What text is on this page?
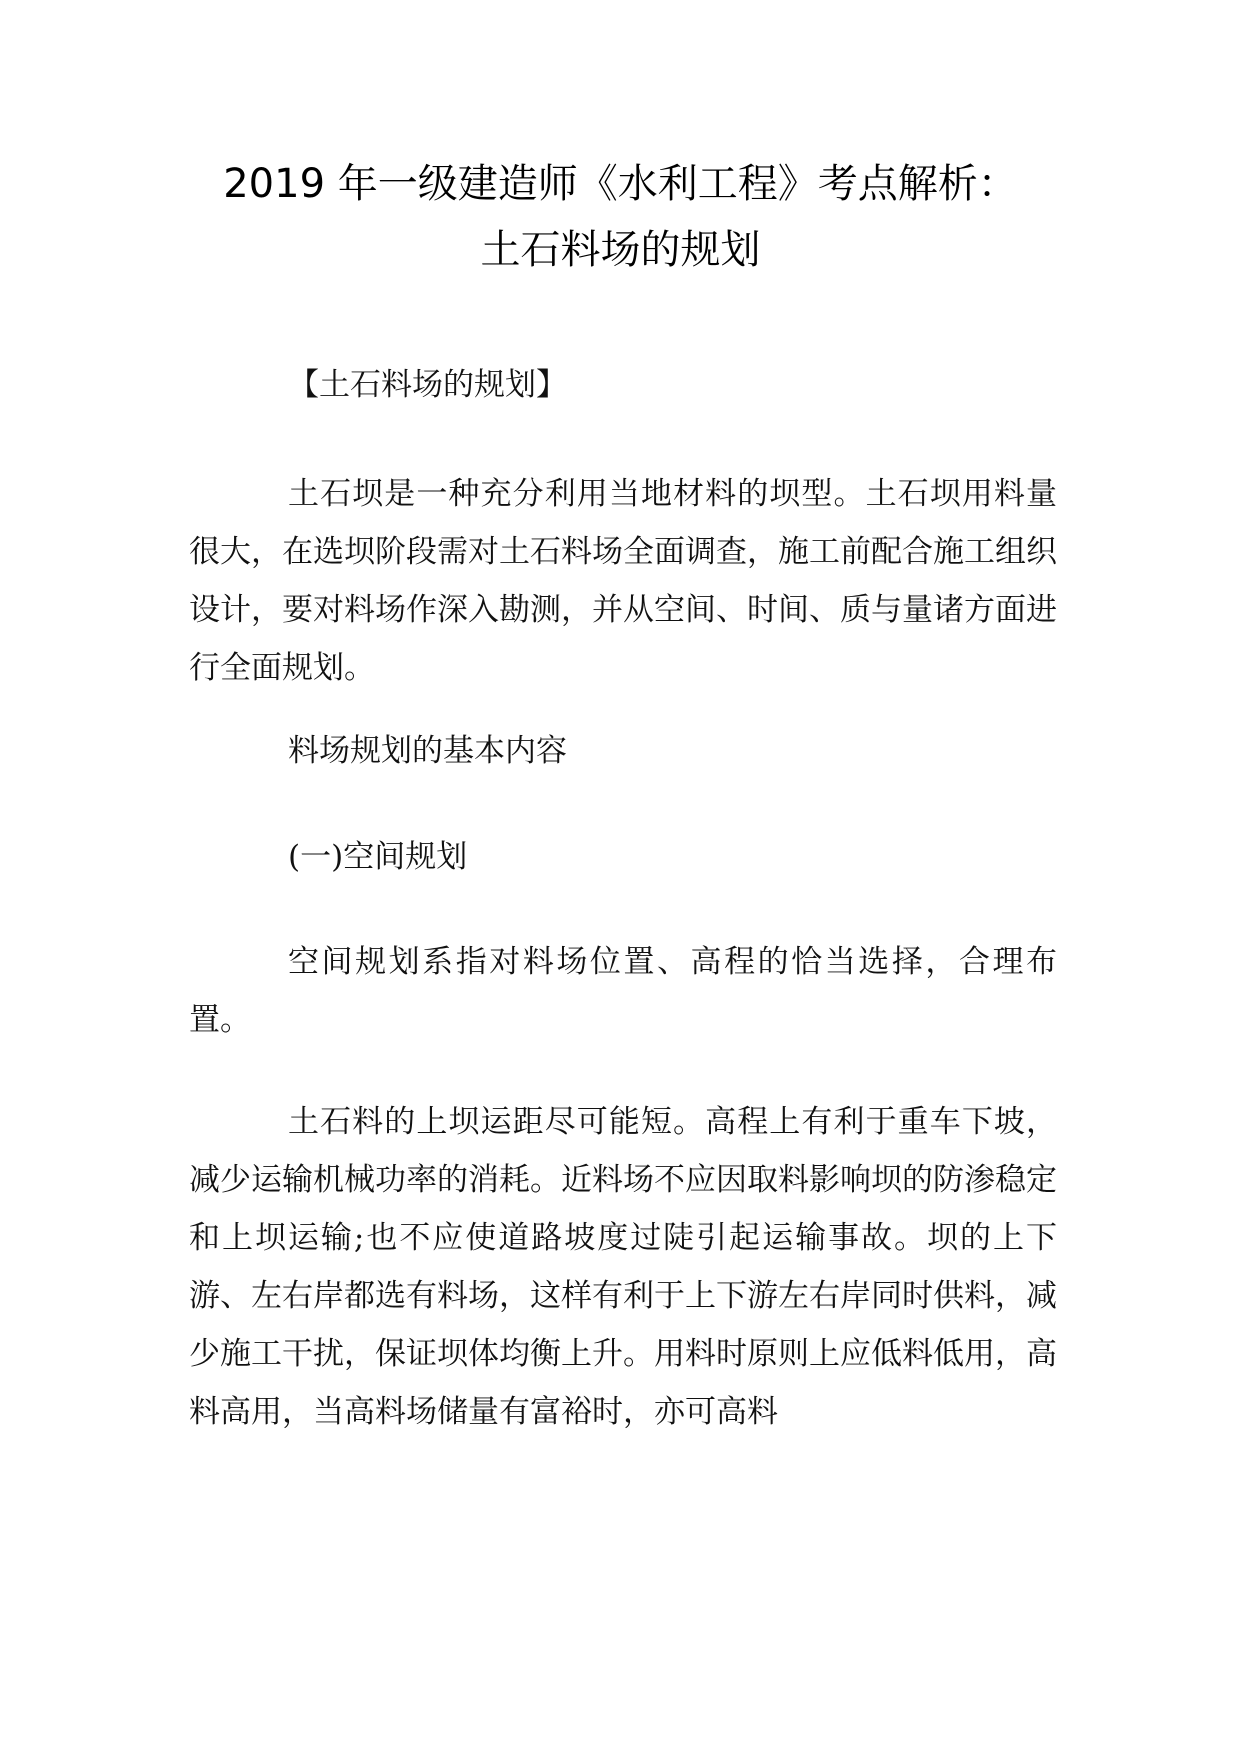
2019 年一级建造师《水利工程》考点解析：
土石料场的规划

【土石料场的规划】

土石坝是一种充分利用当地材料的坝型。土石坝用料量很大，在选坝阶段需对土石料场全面调查，施工前配合施工组织设计，要对料场作深入勘测，并从空间、时间、质与量诸方面进行全面规划。

料场规划的基本内容

(一)空间规划

空间规划系指对料场位置、高程的恰当选择，合理布置。

土石料的上坝运距尽可能短。高程上有利于重车下坡，减少运输机械功率的消耗。近料场不应因取料影响坝的防渗稳定和上坝运输;也不应使道路坡度过陡引起运输事故。坝的上下游、左右岸都选有料场，这样有利于上下游左右岸同时供料，减少施工干扰，保证坝体均衡上升。用料时原则上应低料低用，高料高用，当高料场储量有富裕时，亦可高料
